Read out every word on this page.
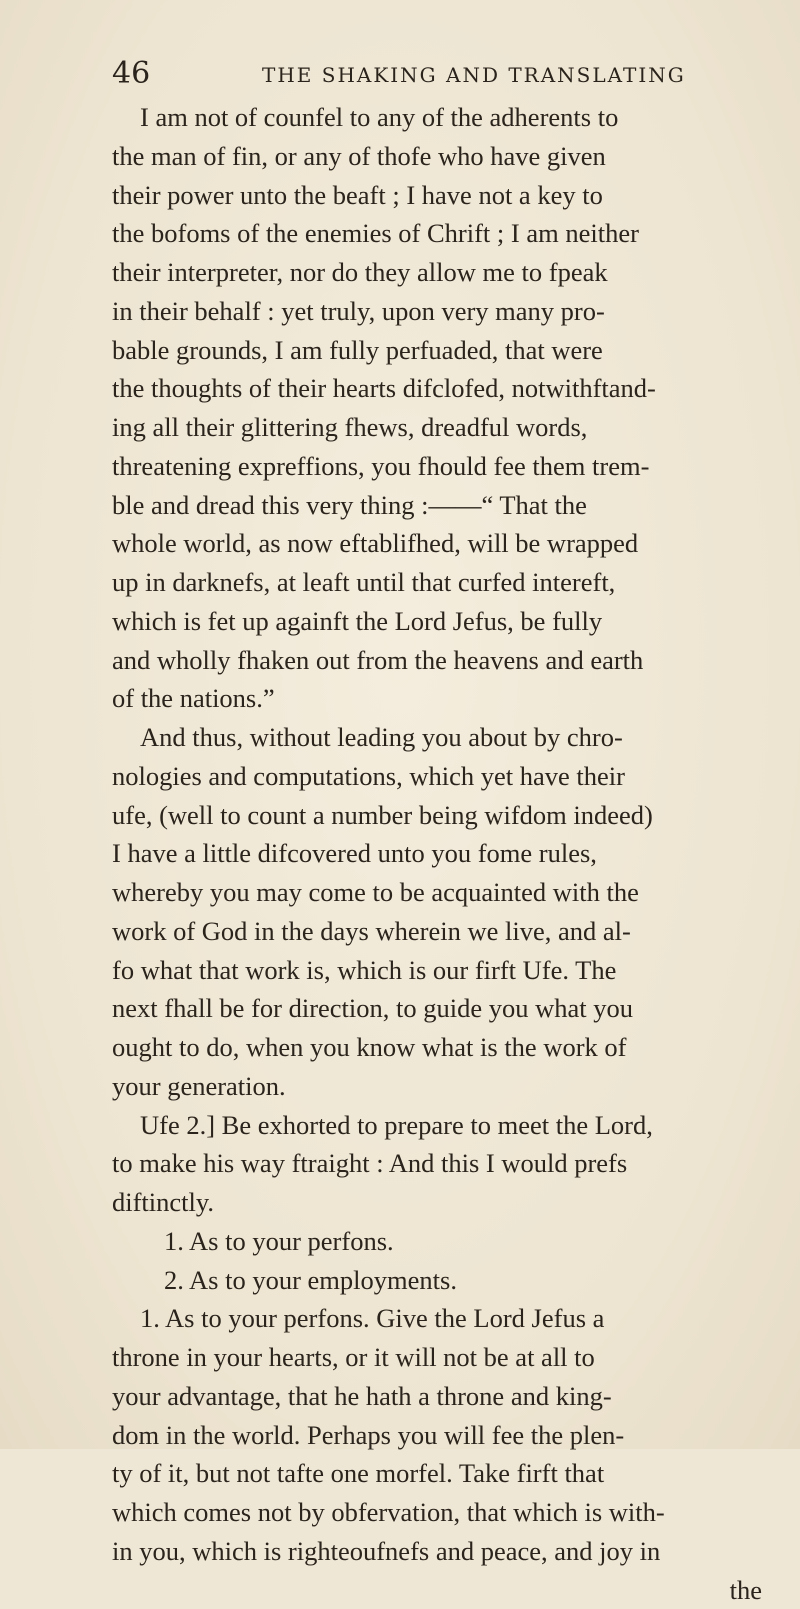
46	THE SHAKING AND TRANSLATING
I am not of counfel to any of the adherents to
the man of fin, or any of thofe who have given
their power unto the beaft ; I have not a key to
the bofoms of the enemies of Chrift ; I am neither
their interpreter, nor do they allow me to fpeak
in their behalf : yet truly, upon very many pro-
bable grounds, I am fully perfuaded, that were
the thoughts of their hearts difclofed, notwithftand-
ing all their glittering fhews, dreadful words,
threatening expreffions, you fhould fee them trem-
ble and dread this very thing :——“ That the
whole world, as now eftablifhed, will be wrapped
up in darknefs, at leaft until that curfed intereft,
which is fet up againft the Lord Jefus, be fully
and wholly fhaken out from the heavens and earth
of the nations.”
And thus, without leading you about by chro-
nologies and computations, which yet have their
ufe, (well to count a number being wifdom indeed)
I have a little difcovered unto you fome rules,
whereby you may come to be acquainted with the
work of God in the days wherein we live, and al-
fo what that work is, which is our firft Ufe. The
next fhall be for direction, to guide you what you
ought to do, when you know what is the work of
your generation.
Ufe 2.] Be exhorted to prepare to meet the Lord,
to make his way ftraight : And this I would prefs
diftinctly.
1. As to your perfons.
2. As to your employments.
1. As to your perfons. Give the Lord Jefus a
throne in your hearts, or it will not be at all to
your advantage, that he hath a throne and king-
dom in the world. Perhaps you will fee the plen-
ty of it, but not tafte one morfel. Take firft that
which comes not by obfervation, that which is with-
in you, which is righteoufnefs and peace, and joy in
the
